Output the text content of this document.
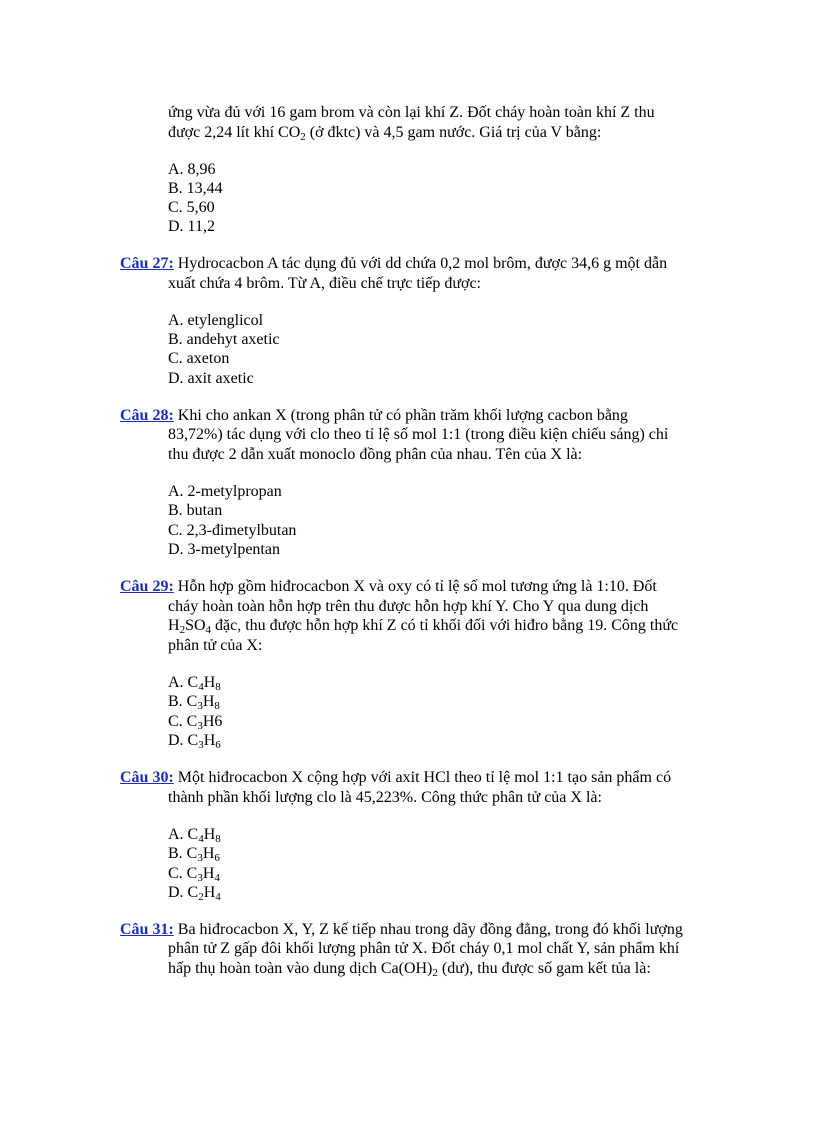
ứng vừa đủ với 16 gam brom và còn lại khí Z. Đốt cháy hoàn toàn khí Z thu
được 2,24 lít khí $CO_2$ (ở đktc) và 4,5 gam nước. Giá trị của V bằng:
A. 8,96
B. 13,44
C. 5,60
D. 11,2
Câu 27: Hydrocacbon A tác dụng đủ với dd chứa 0,2 mol brôm, được 34,6 g một dẫn
xuất chứa 4 brôm. Từ A, điều chế trực tiếp được:
A. etylenglicol
B. andehyt axetic
C. axeton
D. axit axetic
Câu 28: Khi cho ankan X (trong phân tử có phần trăm khối lượng cacbon bằng
83,72%) tác dụng với clo theo tỉ lệ số mol 1:1 (trong điều kiện chiếu sáng) chỉ
thu được 2 dẫn xuất monoclo đồng phân của nhau. Tên của X là:
A. 2-metylpropan
B. butan
C. 2,3-đimetylbutan
D. 3-metylpentan
Câu 29: Hỗn hợp gồm hiđrocacbon X và oxy có tỉ lệ số mol tương ứng là 1:10. Đốt
cháy hoàn toàn hỗn hợp trên thu được hỗn hợp khí Y. Cho Y qua dung dịch
$H_2SO_4$ đặc, thu được hỗn hợp khí Z có tỉ khối đối với hiđro bằng 19. Công thức
phân tử của X:
A. $C_4H_8$
B. $C_3H_8$
C. $C_3H6$
D. $C_3H_6$
Câu 30: Một hiđrocacbon X cộng hợp với axit HCl theo tỉ lệ mol 1:1 tạo sản phẩm có
thành phần khối lượng clo là 45,223%. Công thức phân tử của X là:
A. $C_4H_8$
B. $C_3H_6$
C. $C_3H_4$
D. $C_2H_4$
Câu 31: Ba hiđrocacbon X, Y, Z kế tiếp nhau trong dãy đồng đẳng, trong đó khối lượng
phân tử Z gấp đôi khối lượng phân tử X. Đốt cháy 0,1 mol chất Y, sản phẩm khí
hấp thụ hoàn toàn vào dung dịch $Ca(OH)_2$ (dư), thu được số gam kết tủa là:
